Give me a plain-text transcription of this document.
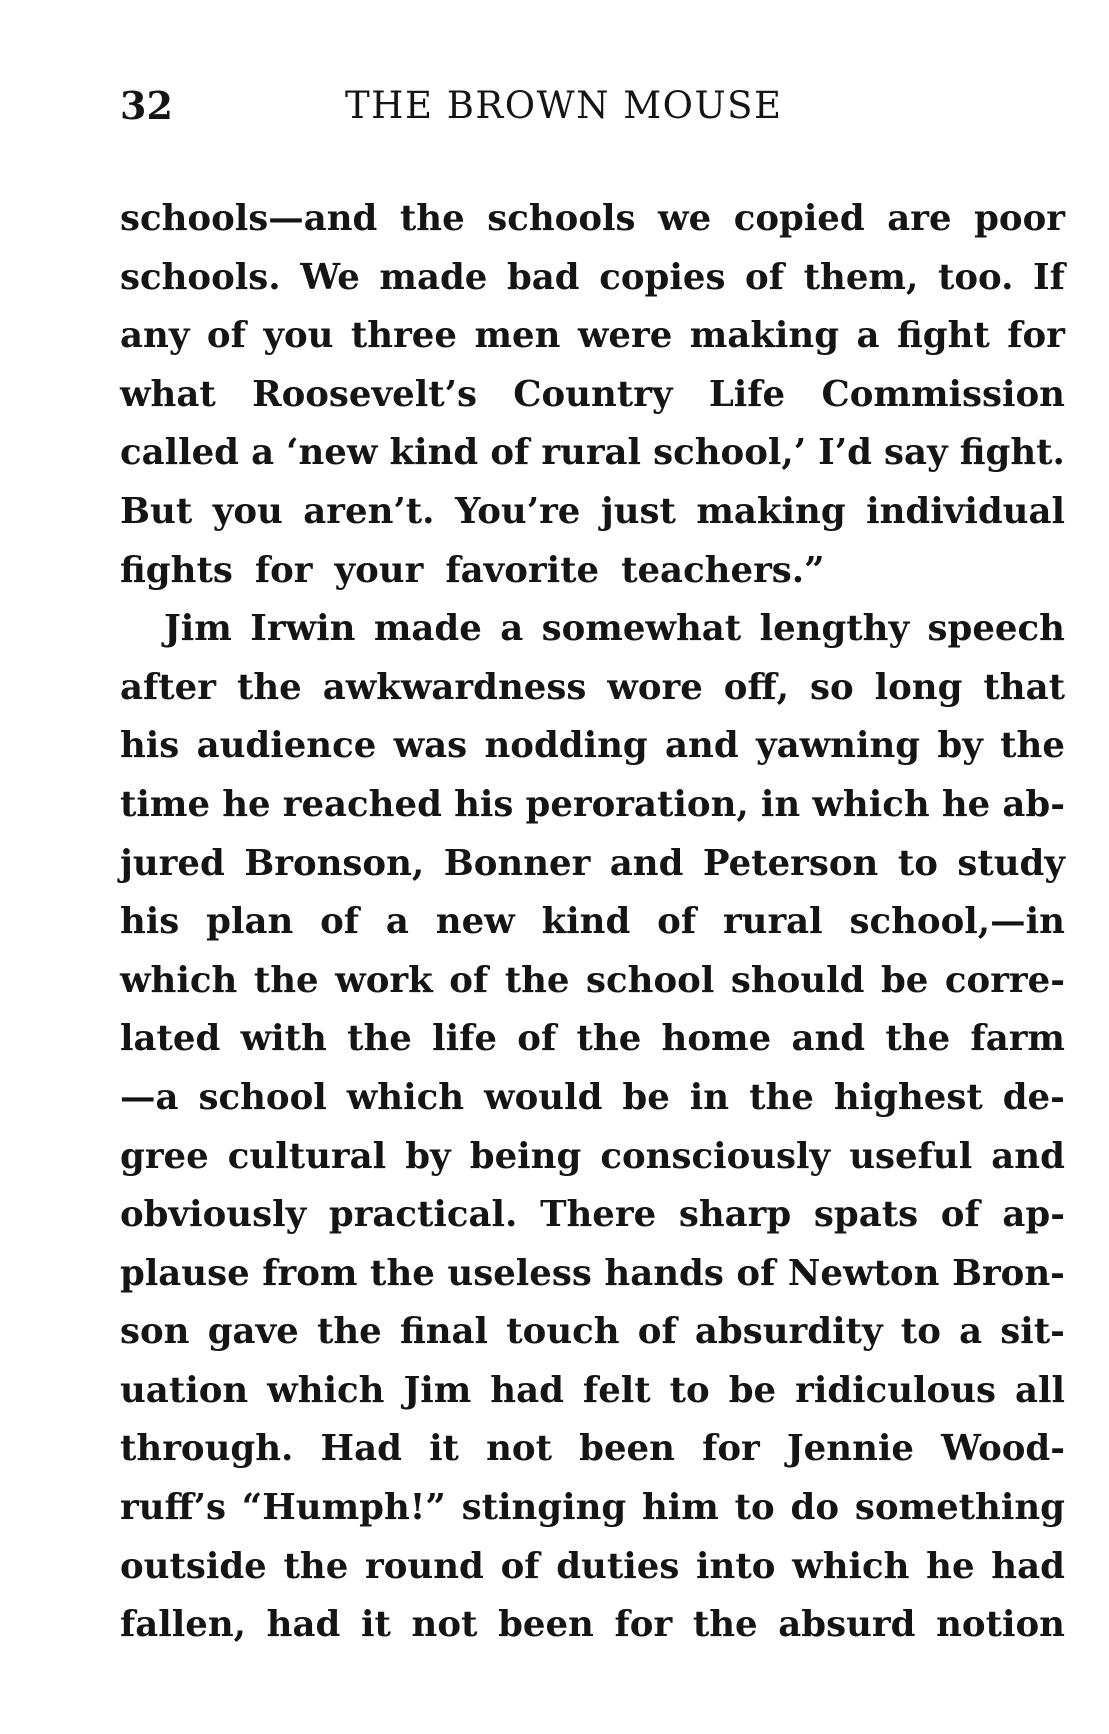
32	THE BROWN MOUSE
schools—and the schools we copied are poor
schools. We made bad copies of them, too. If
any of you three men were making a fight for
what Roosevelt’s Country Life Commission
called a ‘new kind of rural school,’ I’d say fight.
But you aren’t. You’re just making individual
fights for your favorite teachers.”
Jim Irwin made a somewhat lengthy speech
after the awkwardness wore off, so long that
his audience was nodding and yawning by the
time he reached his peroration, in which he ab-
jured Bronson, Bonner and Peterson to study
his plan of a new kind of rural school,—in
which the work of the school should be corre-
lated with the life of the home and the farm
—a school which would be in the highest de-
gree cultural by being consciously useful and
obviously practical. There sharp spats of ap-
plause from the useless hands of Newton Bron-
son gave the final touch of absurdity to a sit-
uation which Jim had felt to be ridiculous all
through. Had it not been for Jennie Wood-
ruff’s “Humph!” stinging him to do something
outside the round of duties into which he had
fallen, had it not been for the absurd notion
